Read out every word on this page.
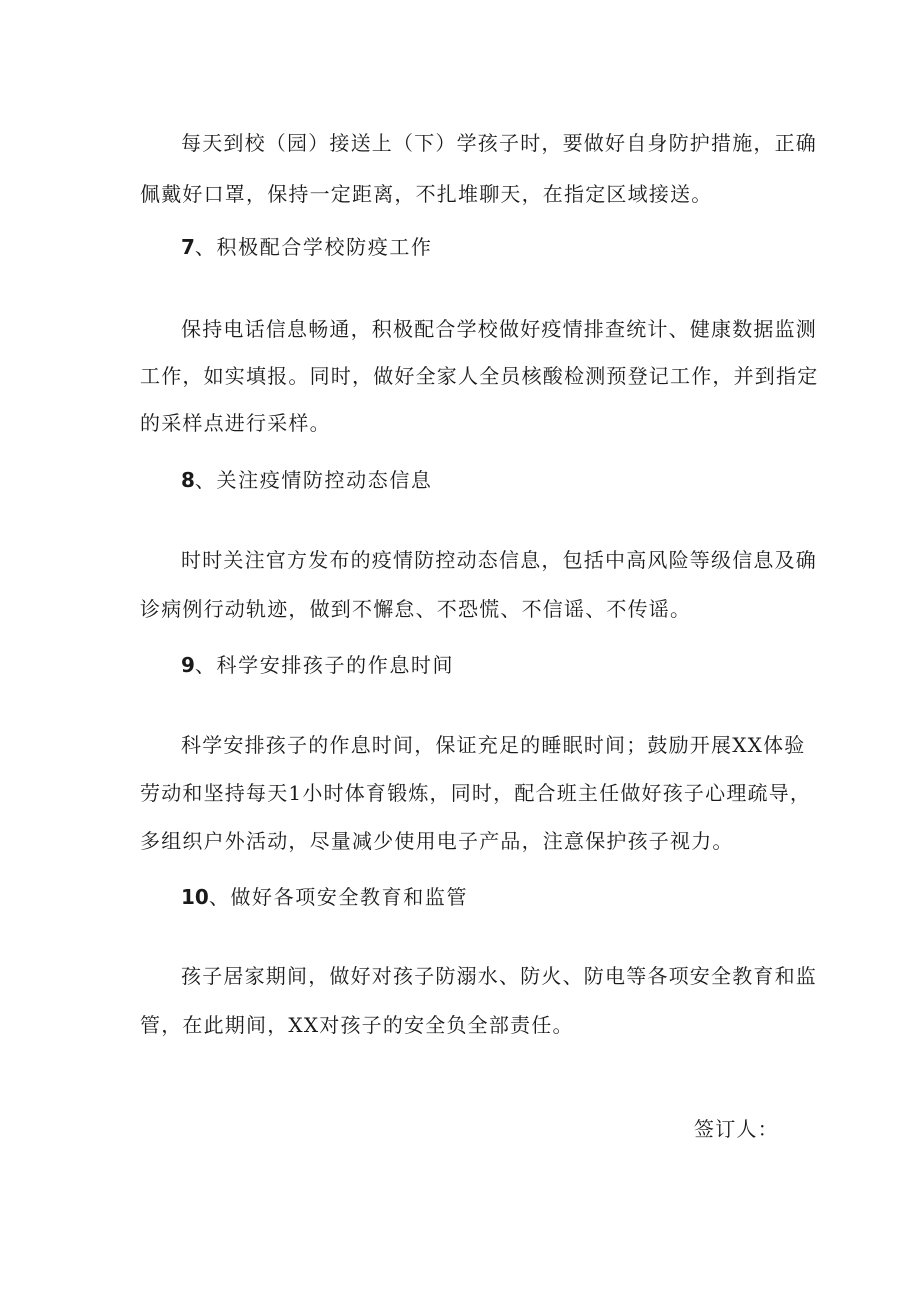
每天到校（园）接送上（下）学孩子时，要做好自身防护措施，正确
佩戴好口罩，保持一定距离，不扎堆聊天，在指定区域接送。
7、积极配合学校防疫工作
保持电话信息畅通，积极配合学校做好疫情排查统计、健康数据监测
工作，如实填报。同时，做好全家人全员核酸检测预登记工作，并到指定
的采样点进行采样。
8、关注疫情防控动态信息
时时关注官方发布的疫情防控动态信息，包括中高风险等级信息及确
诊病例行动轨迹，做到不懈怠、不恐慌、不信谣、不传谣。
9、科学安排孩子的作息时间
科学安排孩子的作息时间，保证充足的睡眠时间；鼓励开展XX体验
劳动和坚持每天1小时体育锻炼，同时，配合班主任做好孩子心理疏导，
多组织户外活动，尽量减少使用电子产品，注意保护孩子视力。
10、做好各项安全教育和监管
孩子居家期间，做好对孩子防溺水、防火、防电等各项安全教育和监
管，在此期间，XX对孩子的安全负全部责任。
签订人：
